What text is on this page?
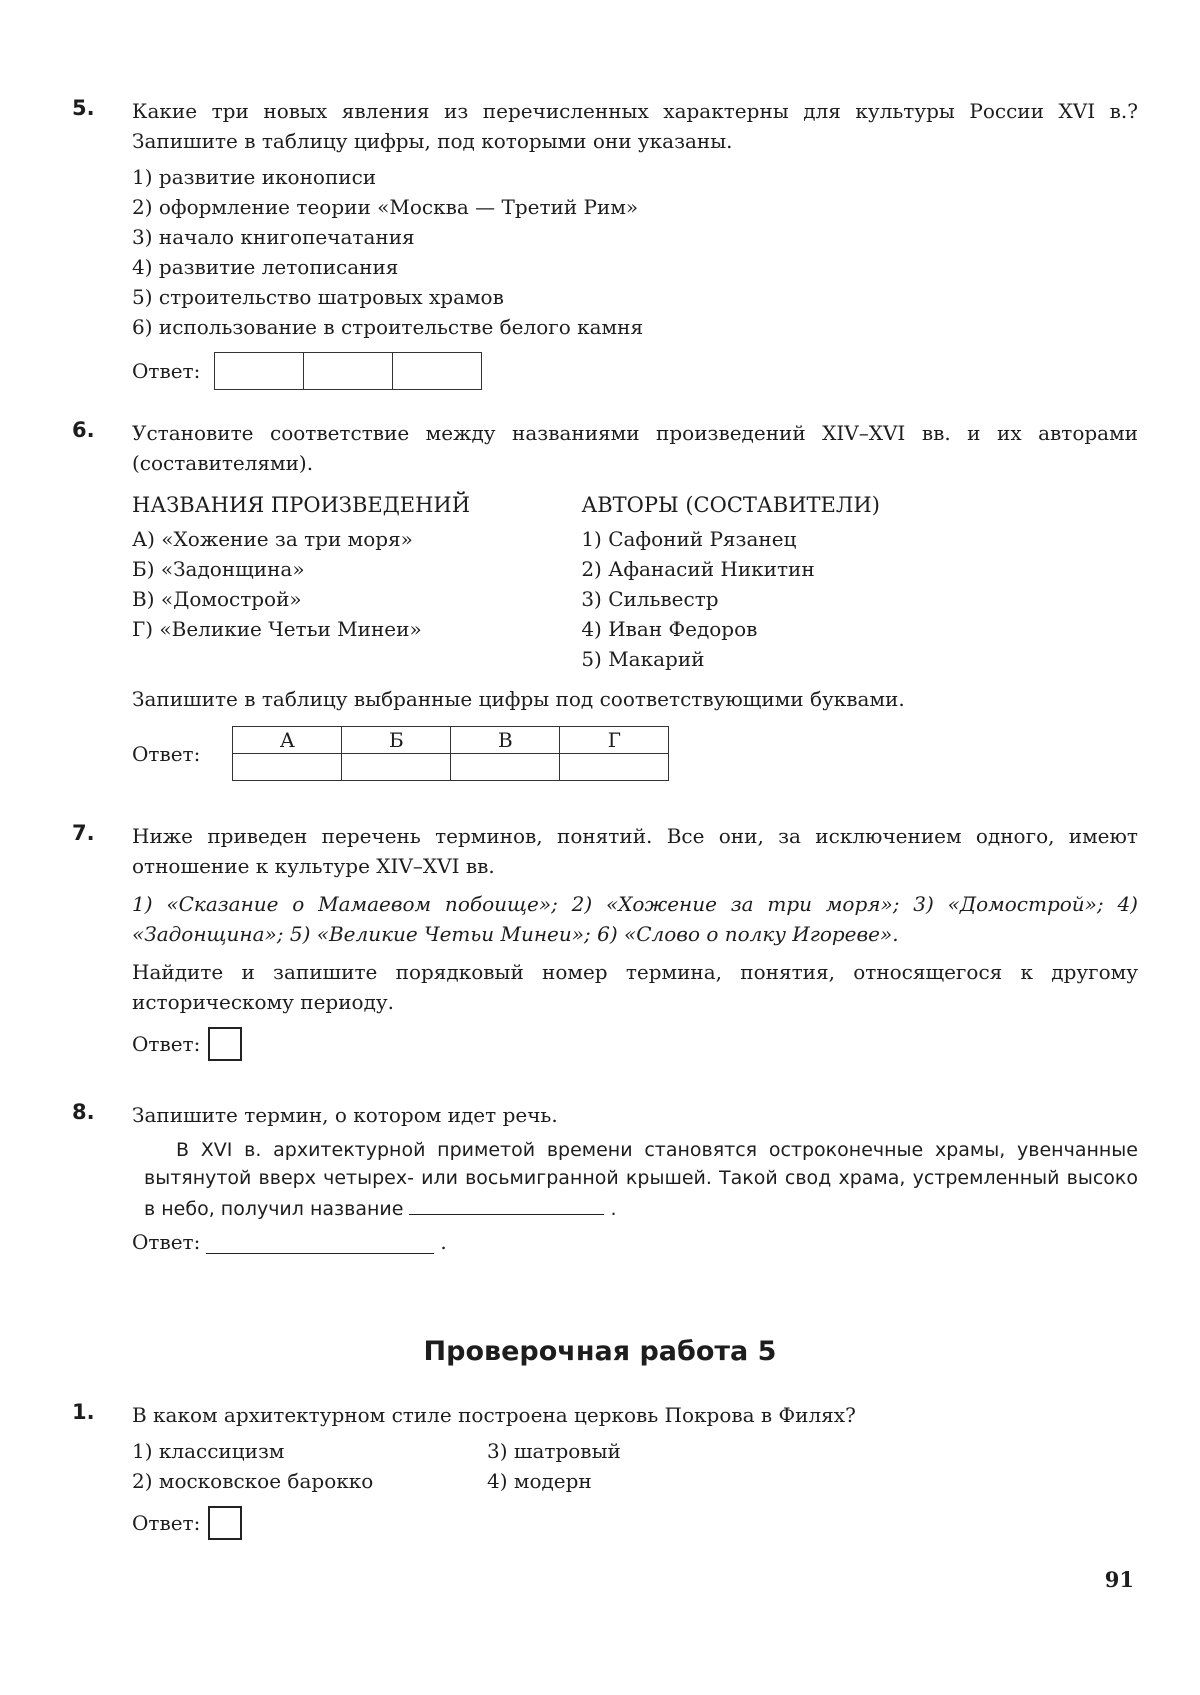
5. Какие три новых явления из перечисленных характерны для культуры России XVI в.? Запишите в таблицу цифры, под которыми они указаны.

1) развитие иконописи
2) оформление теории «Москва — Третий Рим»
3) начало книгопечатания
4) развитие летописания
5) строительство шатровых храмов
6) использование в строительстве белого камня
Ответ:
6. Установите соответствие между названиями произведений XIV–XVI вв. и их авторами (составителями).

НАЗВАНИЯ ПРОИЗВЕДЕНИЙ
А) «Хожение за три моря»
Б) «Задонщина»
В) «Домострой»
Г) «Великие Четьи Минеи»
АВТОРЫ (СОСТАВИТЕЛИ)
1) Сафоний Рязанец
2) Афанасий Никитин
3) Сильвестр
4) Иван Федоров
5) Макарий

Запишите в таблицу выбранные цифры под соответствующими буквами.

Ответ:
А	Б	В	Г

7. Ниже приведен перечень терминов, понятий. Все они, за исключением одного, имеют отношение к культуре XIV–XVI вв.

1) «Сказание о Мамаевом побоище»; 2) «Хожение за три моря»; 3) «Домострой»; 4) «Задонщина»; 5) «Великие Четьи Минеи»; 6) «Слово о полку Игореве».

Найдите и запишите порядковый номер термина, понятия, относящегося к другому историческому периоду.

Ответ:
8. Запишите термин, о котором идет речь.

В XVI в. архитектурной приметой времени становятся остроконечные храмы, увенчанные вытянутой вверх четырех- или восьмигранной крышей. Такой свод храма, устремленный высоко в небо, получил название	.

Ответ:	.
Проверочная работа 5
1. В каком архитектурном стиле построена церковь Покрова в Филях?

1) классицизм	3) шатровый
2) московское барокко	4) модерн
Ответ:
91
